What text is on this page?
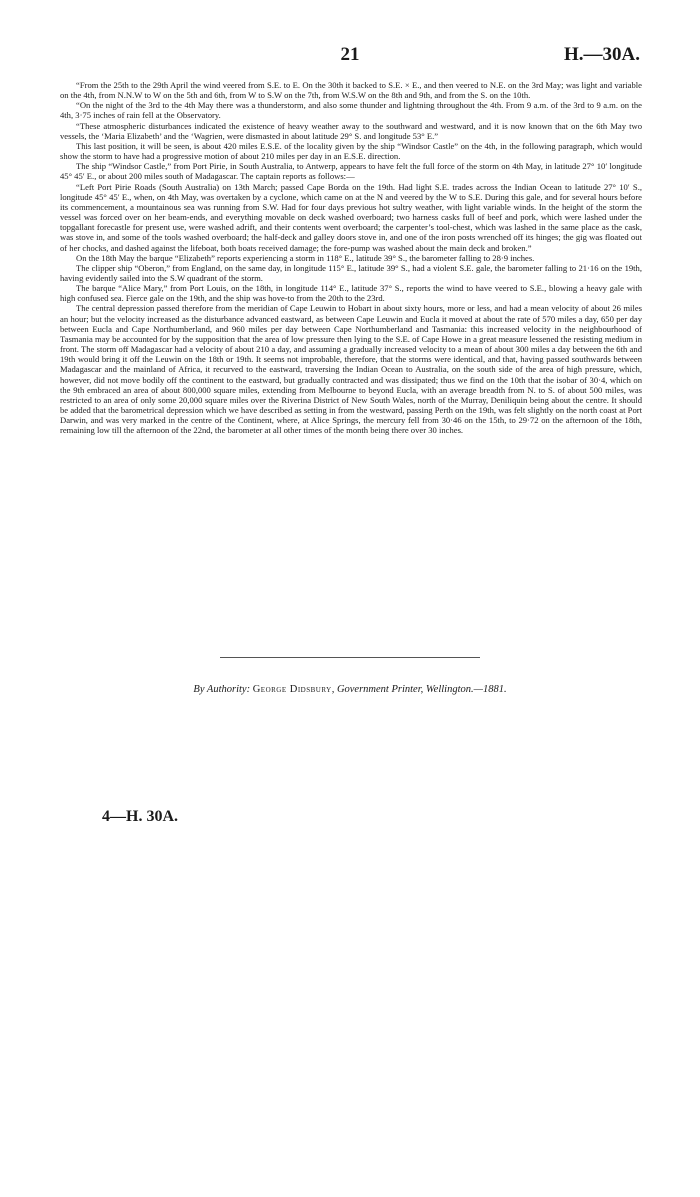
21	H.—30A.

“From the 25th to the 29th April the wind veered from S.E. to E. On the 30th it backed to S.E. × E., and then veered to N.E. on the 3rd May; was light and variable on the 4th, from N.N.W to W on the 5th and 6th, from W to S.W on the 7th, from W.S.W on the 8th and 9th, and from the S. on the 10th.

“On the night of the 3rd to the 4th May there was a thunderstorm, and also some thunder and lightning throughout the 4th. From 9 a.m. of the 3rd to 9 a.m. on the 4th, 3·75 inches of rain fell at the Observatory.

“These atmospheric disturbances indicated the existence of heavy weather away to the southward and westward, and it is now known that on the 6th May two vessels, the ‘Maria Elizabeth’ and the ‘Wagrien, were dismasted in about latitude 29° S. and longitude 53° E.”

This last position, it will be seen, is about 420 miles E.S.E. of the locality given by the ship “Windsor Castle” on the 4th, in the following paragraph, which would show the storm to have had a progressive motion of about 210 miles per day in an E.S.E. direction.

The ship “Windsor Castle,” from Port Pirie, in South Australia, to Antwerp, appears to have felt the full force of the storm on 4th May, in latitude 27° 10′ longitude 45° 45′ E., or about 200 miles south of Madagascar. The captain reports as follows:—

“Left Port Pirie Roads (South Australia) on 13th March; passed Cape Borda on the 19th. Had light S.E. trades across the Indian Ocean to latitude 27° 10′ S., longitude 45° 45′ E., when, on 4th May, was overtaken by a cyclone, which came on at the N and veered by the W to S.E. During this gale, and for several hours before its commencement, a mountainous sea was running from S.W. Had for four days previous hot sultry weather, with light variable winds. In the height of the storm the vessel was forced over on her beam-ends, and everything movable on deck washed overboard; two harness casks full of beef and pork, which were lashed under the topgallant forecastle for present use, were washed adrift, and their contents went overboard; the carpenter’s tool-chest, which was lashed in the same place as the cask, was stove in, and some of the tools washed overboard; the half-deck and galley doors stove in, and one of the iron posts wrenched off its hinges; the gig was floated out of her chocks, and dashed against the lifeboat, both boats received damage; the fore-pump was washed about the main deck and broken.”

On the 18th May the barque “Elizabeth” reports experiencing a storm in 118° E., latitude 39° S., the barometer falling to 28·9 inches.

The clipper ship “Oberon,” from England, on the same day, in longitude 115° E., latitude 39° S., had a violent S.E. gale, the barometer falling to 21·16 on the 19th, having evidently sailed into the S.W quadrant of the storm.

The barque “Alice Mary,” from Port Louis, on the 18th, in longitude 114° E., latitude 37° S., reports the wind to have veered to S.E., blowing a heavy gale with high confused sea. Fierce gale on the 19th, and the ship was hove-to from the 20th to the 23rd.

The central depression passed therefore from the meridian of Cape Leuwin to Hobart in about sixty hours, more or less, and had a mean velocity of about 26 miles an hour; but the velocity increased as the disturbance advanced eastward, as between Cape Leuwin and Eucla it moved at about the rate of 570 miles a day, 650 per day between Eucla and Cape Northumberland, and 960 miles per day between Cape Northumberland and Tasmania: this increased velocity in the neighbourhood of Tasmania may be accounted for by the supposition that the area of low pressure then lying to the S.E. of Cape Howe in a great measure lessened the resisting medium in front. The storm off Madagascar had a velocity of about 210 a day, and assuming a gradually increased velocity to a mean of about 300 miles a day between the 6th and 19th would bring it off the Leuwin on the 18th or 19th. It seems not improbable, therefore, that the storms were identical, and that, having passed southwards between Madagascar and the mainland of Africa, it recurved to the eastward, traversing the Indian Ocean to Australia, on the south side of the area of high pressure, which, however, did not move bodily off the continent to the eastward, but gradually contracted and was dissipated; thus we find on the 10th that the isobar of 30·4, which on the 9th embraced an area of about 800,000 square miles, extending from Melbourne to beyond Eucla, with an average breadth from N. to S. of about 500 miles, was restricted to an area of only some 20,000 square miles over the Riverina District of New South Wales, north of the Murray, Deniliquin being about the centre. It should be added that the barometrical depression which we have described as setting in from the westward, passing Perth on the 19th, was felt slightly on the north coast at Port Darwin, and was very marked in the centre of the Continent, where, at Alice Springs, the mercury fell from 30·46 on the 15th, to 29·72 on the afternoon of the 18th, remaining low till the afternoon of the 22nd, the barometer at all other times of the month being there over 30 inches.

By Authority: George Didsbury, Government Printer, Wellington.—1881.
4—H. 30A.
